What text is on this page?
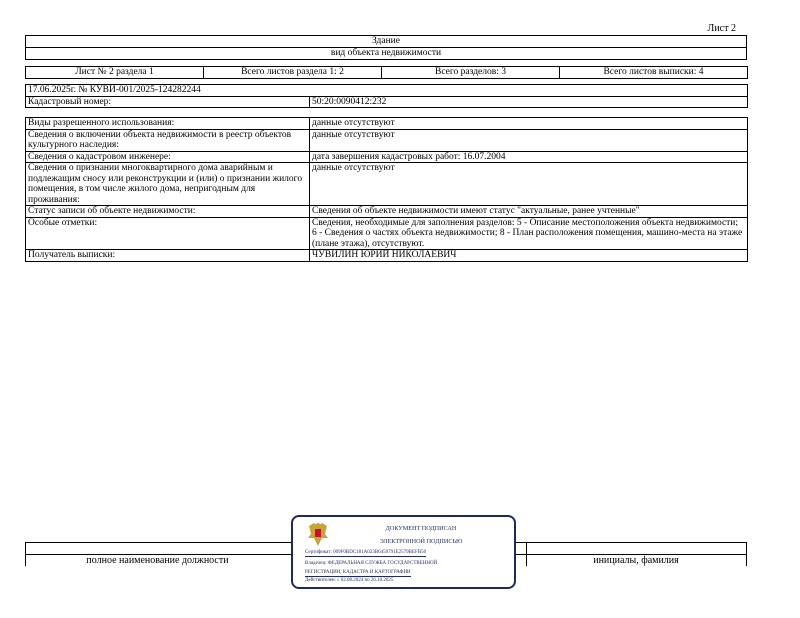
Лист 2
Здание
вид объекта недвижимости
Лист № 2 раздела 1	Всего листов раздела 1: 2	Всего разделов: 3	Всего листов выписки: 4
17.06.2025г. № КУВИ-001/2025-124282244
Кадастровый номер:	50:20:0090412:232
Виды разрешенного использования:	данные отсутствуют
Сведения о включении объекта недвижимости в реестр объектов культурного наследия:	данные отсутствуют
Сведения о кадастровом инженере:	дата завершения кадастровых работ: 16.07.2004
Сведения о признании многоквартирного дома аварийным и подлежащим сносу или реконструкции и (или) о признании жилого помещения, в том числе жилого дома, непригодным для проживания:	данные отсутствуют
Статус записи об объекте недвижимости:	Сведения об объекте недвижимости имеют статус "актуальные, ранее учтенные"
Особые отметки:	Сведения, необходимые для заполнения разделов: 5 - Описание местоположения объекта недвижимости; 6 - Сведения о частях объекта недвижимости; 8 - План расположения помещения, машино-места на этаже (плане этажа), отсутствуют.
Получатель выписки:	ЧУВИЛИН ЮРИЙ НИКОЛАЕВИЧ
полное наименование должности	инициалы, фамилия
ДОКУМЕНТ ПОДПИСАН
ЭЛЕКТРОННОЙ ПОДПИСЬЮ
Сертификат: 009F0BDC181A023B6459791E2579BEFB50
Владелец: ФЕДЕРАЛЬНАЯ СЛУЖБА ГОСУДАРСТВЕННОЙ
РЕГИСТРАЦИИ, КАДАСТРА И КАРТОГРАФИИ
Действителен: с 02.08.2024 по 26.10.2025
